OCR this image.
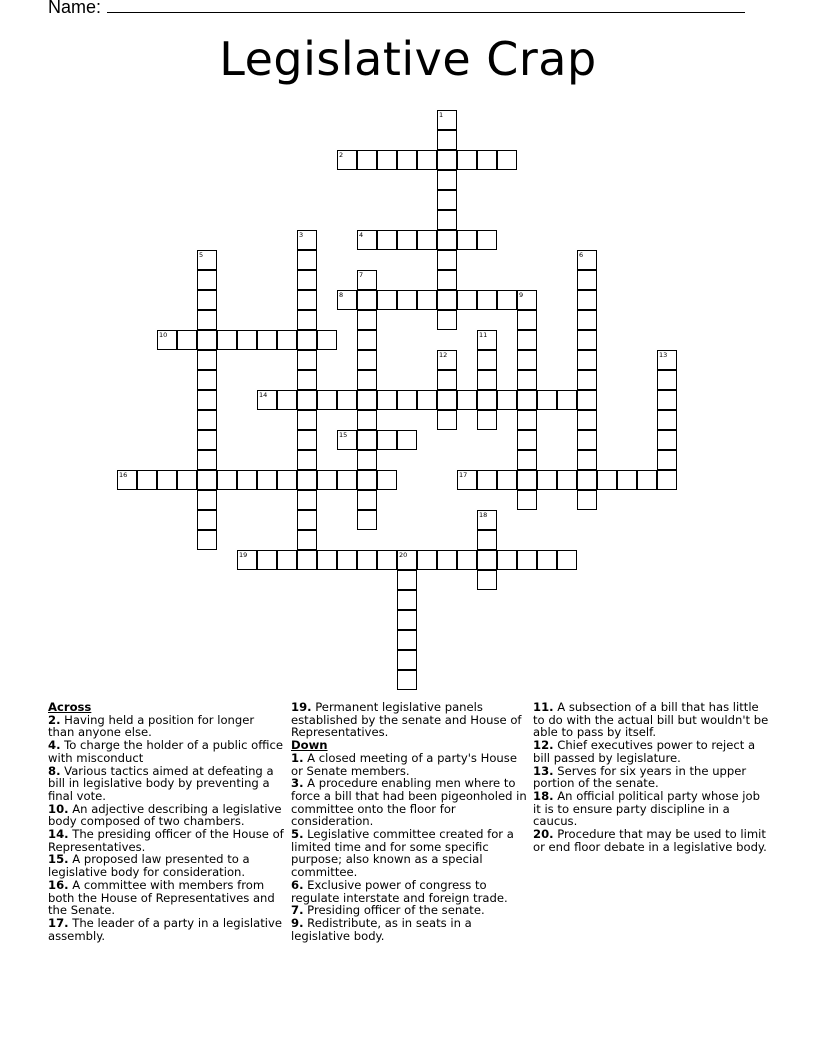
Name:
Legislative Crap
1
2
3	4
5	6
7
8	9
10	11
12	13
14
15
16	17
18
19	20
Across
2. Having held a position for longer than anyone else.
4. To charge the holder of a public office with misconduct
8. Various tactics aimed at defeating a bill in legislative body by preventing a final vote.
10. An adjective describing a legislative body composed of two chambers.
14. The presiding officer of the House of Representatives.
15. A proposed law presented to a legislative body for consideration.
16. A committee with members from both the House of Representatives and the Senate.
17. The leader of a party in a legislative assembly.
19. Permanent legislative panels established by the senate and House of Representatives.
Down
1. A closed meeting of a party's House or Senate members.
3. A procedure enabling men where to force a bill that had been pigeonholed in committee onto the floor for consideration.
5. Legislative committee created for a limited time and for some specific purpose; also known as a special committee.
6. Exclusive power of congress to regulate interstate and foreign trade.
7. Presiding officer of the senate.
9. Redistribute, as in seats in a legislative body.
11. A subsection of a bill that has little to do with the actual bill but wouldn't be able to pass by itself.
12. Chief executives power to reject a bill passed by legislature.
13. Serves for six years in the upper portion of the senate.
18. An official political party whose job it is to ensure party discipline in a caucus.
20. Procedure that may be used to limit or end floor debate in a legislative body.
